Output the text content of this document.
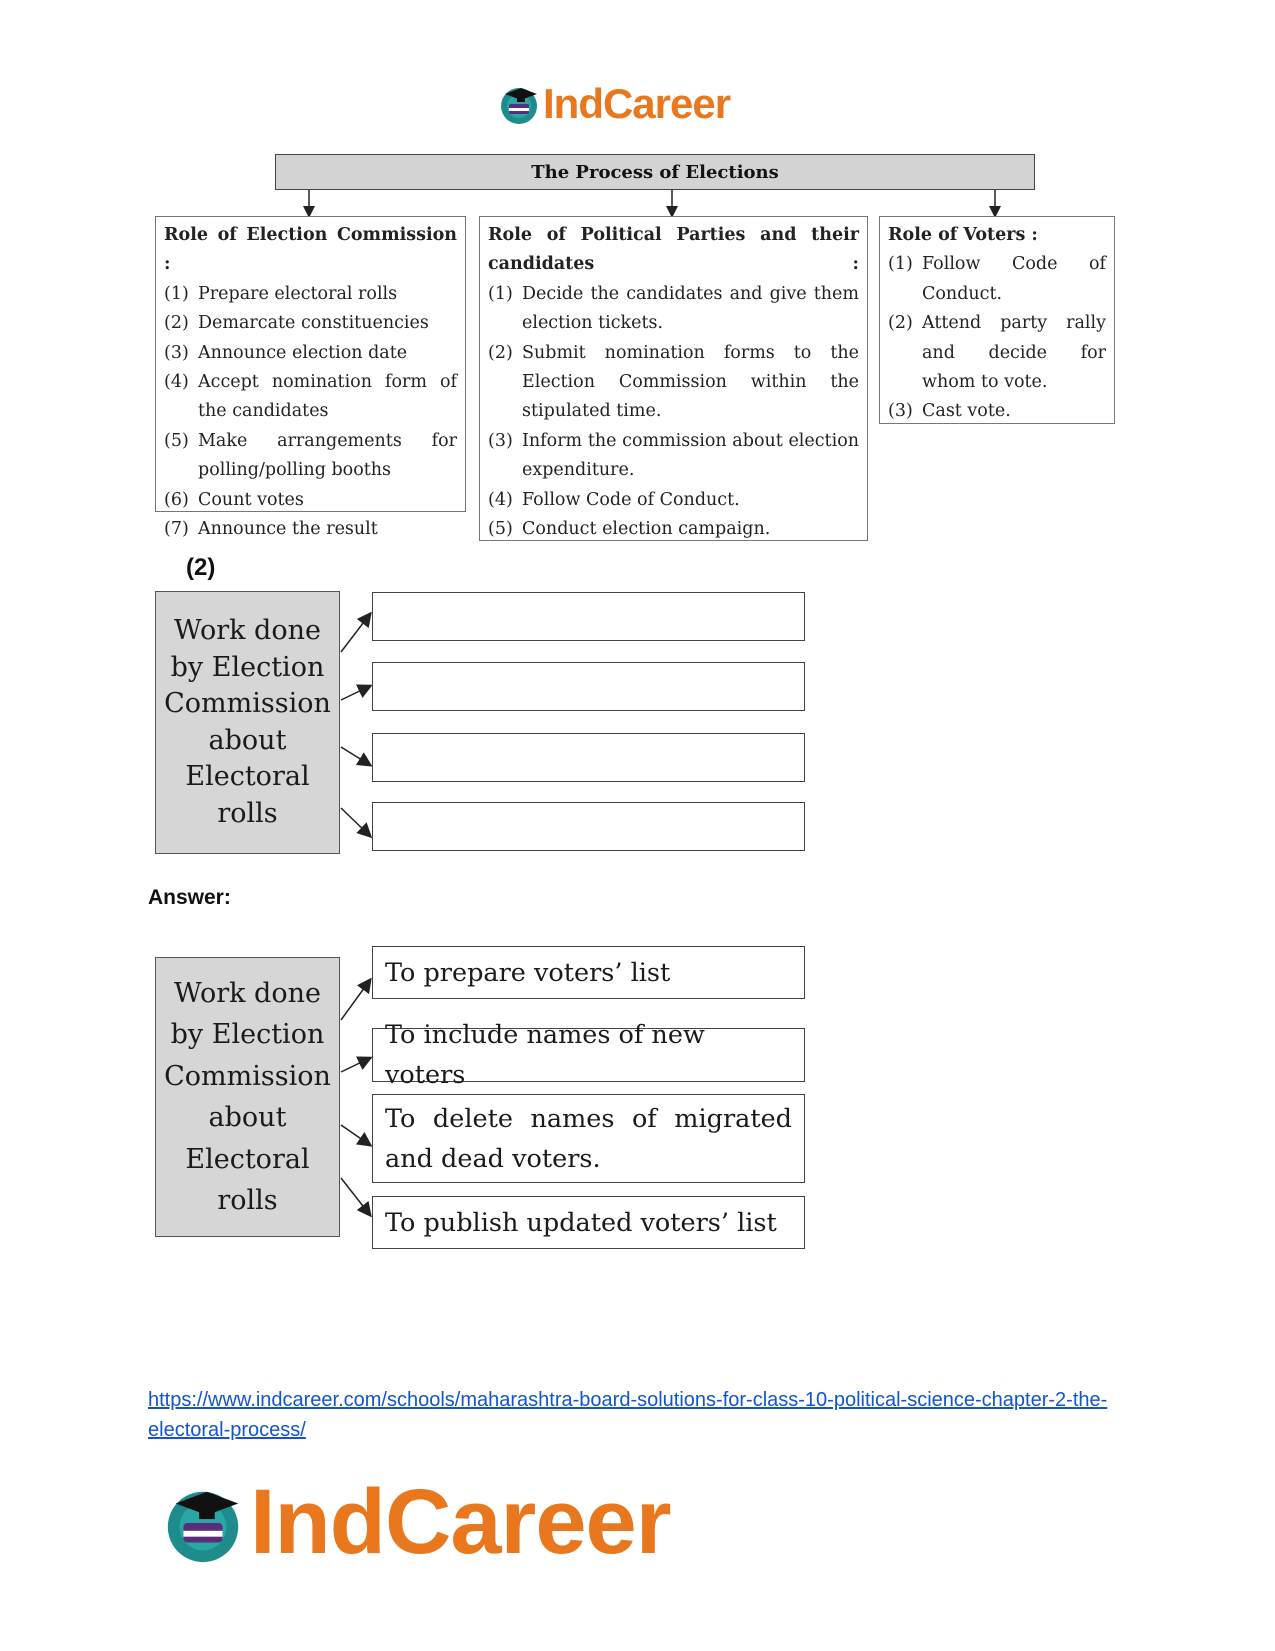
IndCareer
The Process of Elections
Role of Election Commission :
(1) Prepare electoral rolls
(2) Demarcate constituencies
(3) Announce election date
(4) Accept nomination form of the candidates
(5) Make arrangements for polling/polling booths
(6) Count votes
(7) Announce the result
Role of Political Parties and their candidates :
(1) Decide the candidates and give them election tickets.
(2) Submit nomination forms to the Election Commission within the stipulated time.
(3) Inform the commission about election expenditure.
(4) Follow Code of Conduct.
(5) Conduct election campaign.
Role of Voters :
(1) Follow Code of Conduct.
(2) Attend party rally and decide for whom to vote.
(3) Cast vote.
(2)
Work done by Election Commission about Electoral rolls
Answer:
Work done by Election Commission about Electoral rolls
To prepare voters’ list
To include names of new voters
To delete names of migrated and dead voters.
To publish updated voters’ list
https://www.indcareer.com/schools/maharashtra-board-solutions-for-class-10-political-science-chapter-2-the-electoral-process/
IndCareer
